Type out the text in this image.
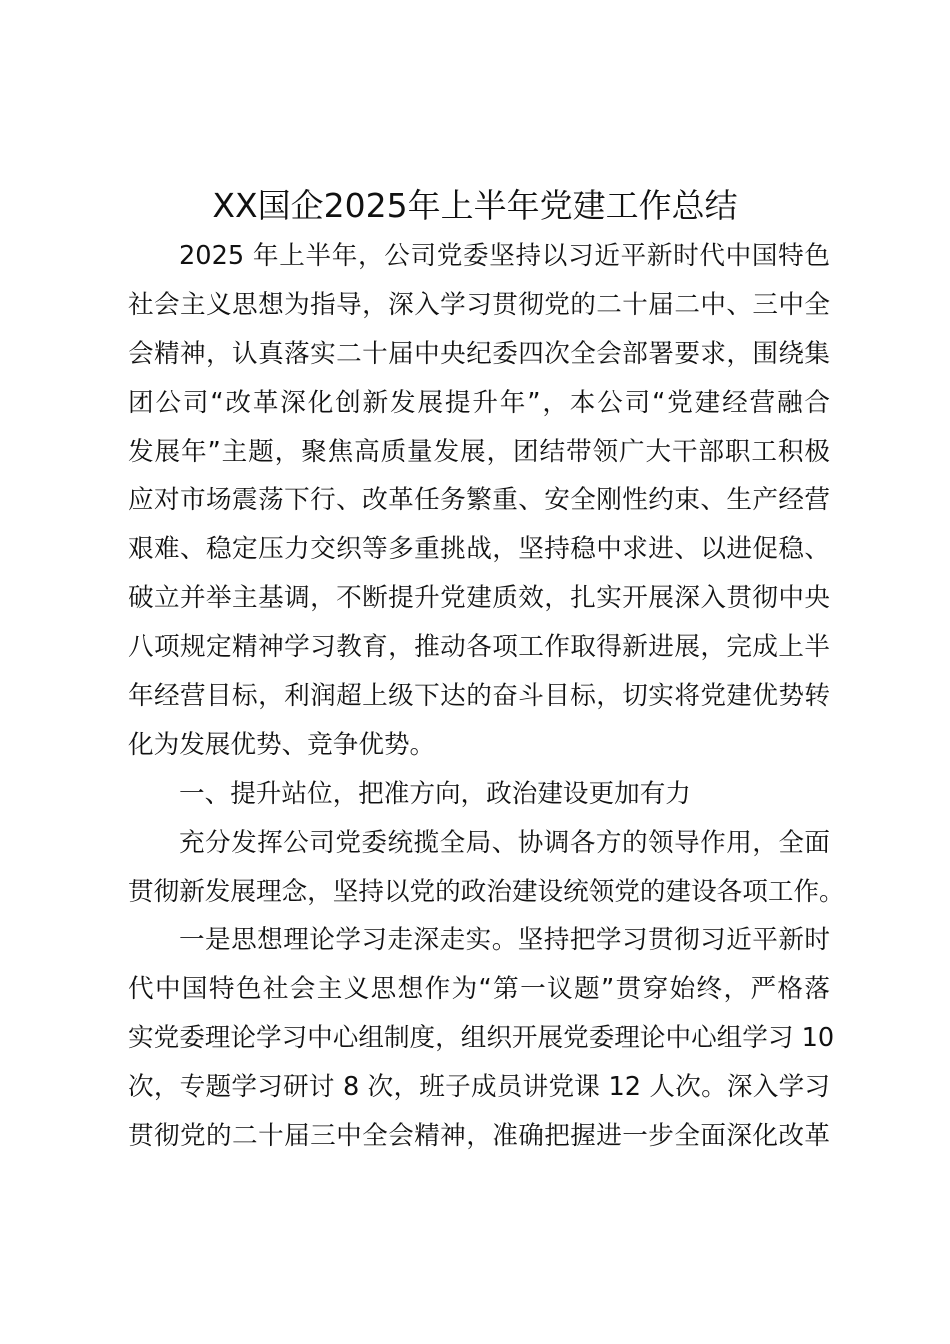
XX国企2025年上半年党建工作总结
2025 年上半年，公司党委坚持以习近平新时代中国特色
社会主义思想为指导，深入学习贯彻党的二十届二中、三中全
会精神，认真落实二十届中央纪委四次全会部署要求，围绕集
团公司“改革深化创新发展提升年”，本公司“党建经营融合
发展年”主题，聚焦高质量发展，团结带领广大干部职工积极
应对市场震荡下行、改革任务繁重、安全刚性约束、生产经营
艰难、稳定压力交织等多重挑战，坚持稳中求进、以进促稳、
破立并举主基调，不断提升党建质效，扎实开展深入贯彻中央
八项规定精神学习教育，推动各项工作取得新进展，完成上半
年经营目标，利润超上级下达的奋斗目标，切实将党建优势转
化为发展优势、竞争优势。
一、提升站位，把准方向，政治建设更加有力
充分发挥公司党委统揽全局、协调各方的领导作用，全面
贯彻新发展理念，坚持以党的政治建设统领党的建设各项工作。
一是思想理论学习走深走实。坚持把学习贯彻习近平新时
代中国特色社会主义思想作为“第一议题”贯穿始终，严格落
实党委理论学习中心组制度，组织开展党委理论中心组学习 10
次，专题学习研讨 8 次，班子成员讲党课 12 人次。深入学习
贯彻党的二十届三中全会精神，准确把握进一步全面深化改革
